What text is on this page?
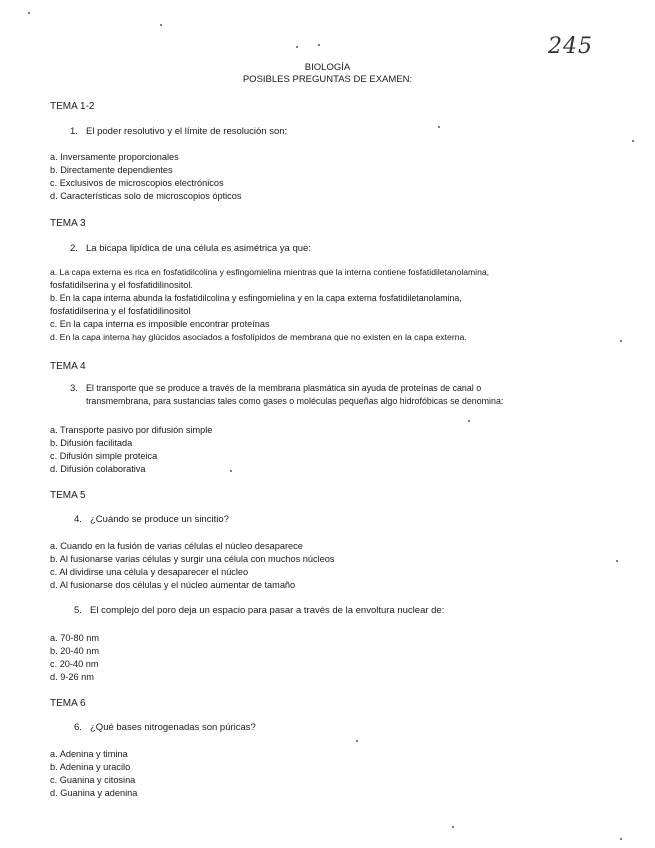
245
BIOLOGÍA
POSIBLES PREGUNTAS DE EXAMEN:
TEMA 1-2
1. El poder resolutivo y el límite de resolución son:
a. Inversamente proporcionales
b. Directamente dependientes
c. Exclusivos de microscopios electrónicos
d. Características solo de microscopios ópticos
TEMA 3
2. La bicapa lipídica de una célula es asimétrica ya que:
a. La capa externa es rica en fosfatidilcolina y esfingomielina mientras que la interna contiene fosfatidiletanolamina,
fosfatidilserina y el fosfatidilinositol.
b. En la capa interna abunda la fosfatidilcolina y esfingomielina y en la capa externa fosfatidiletanolamina,
fosfatidilserina y el fosfatidilinositol
c. En la capa interna es imposible encontrar proteínas
d. En la capa interna hay glúcidos asociados a fosfolípidos de membrana que no existen en la capa externa.
TEMA 4
3. El transporte que se produce a través de la membrana plasmática sin ayuda de proteínas de canal o
transmembrana, para sustancias tales como gases o moléculas pequeñas algo hidrofóbicas se denomina:
a. Transporte pasivo por difusión simple
b. Difusión facilitada
c. Difusión simple proteica
d. Difusión colaborativa
TEMA 5
4. ¿Cuándo se produce un sincitio?
a. Cuando en la fusión de varias células el núcleo desaparece
b. Al fusionarse varias células y surgir una célula con muchos núcleos
c. Al dividirse una célula y desaparecer el núcleo
d. Al fusionarse dos células y el núcleo aumentar de tamaño
5. El complejo del poro deja un espacio para pasar a través de la envoltura nuclear de:
a. 70-80 nm
b. 20-40 nm
c. 20-40 nm
d. 9-26 nm
TEMA 6
6. ¿Qué bases nitrogenadas son púricas?
a. Adenina y timina
b. Adenina y uracilo
c. Guanina y citosina
d. Guanina y adenina
